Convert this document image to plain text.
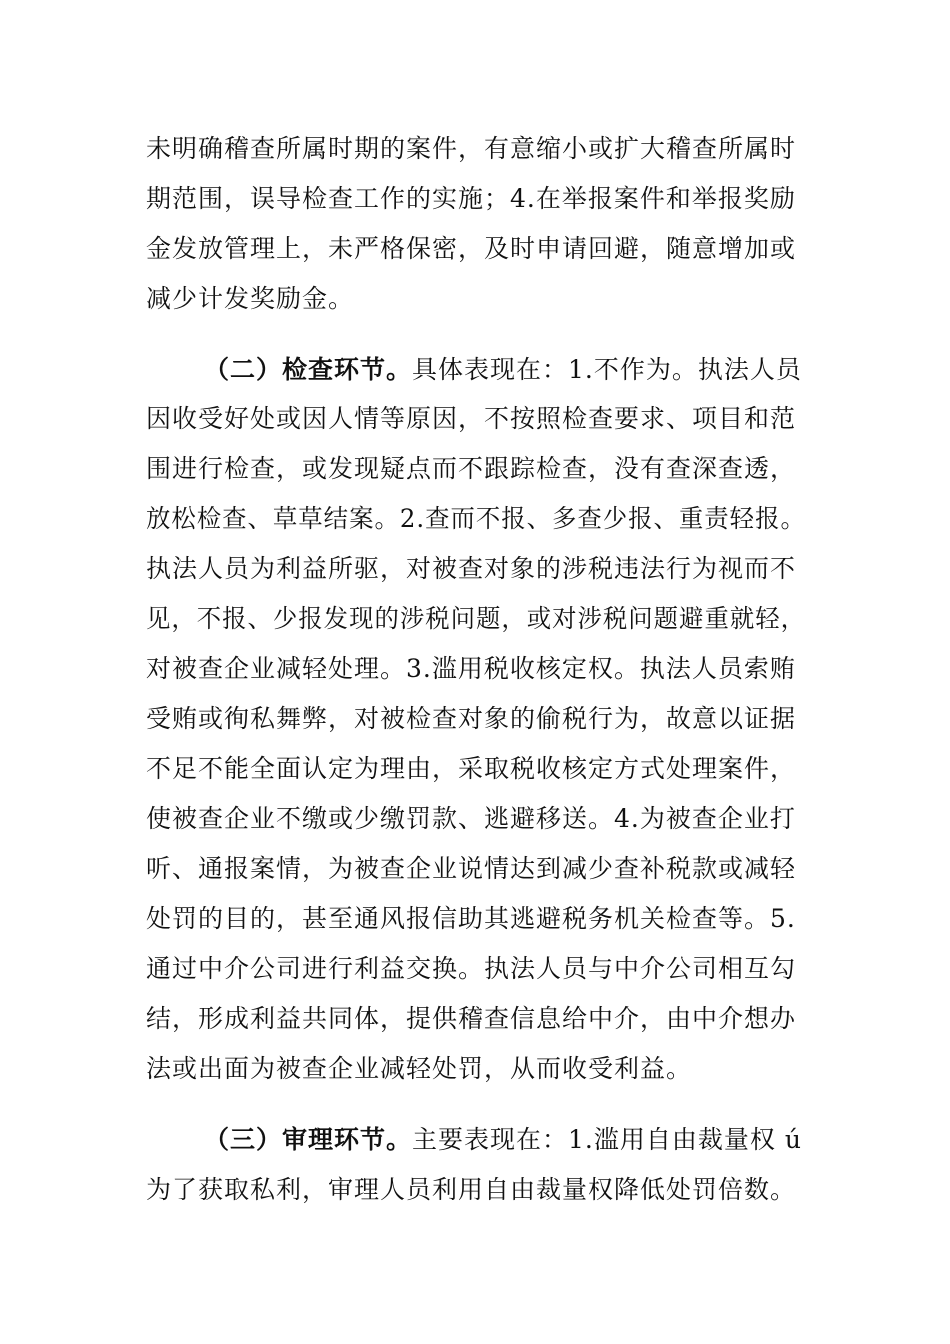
未明确稽查所属时期的案件，有意缩小或扩大稽查所属时
期范围，误导检查工作的实施；4.在举报案件和举报奖励
金发放管理上，未严格保密，及时申请回避，随意增加或
减少计发奖励金。
（二）检查环节。具体表现在：1.不作为。执法人员
因收受好处或因人情等原因，不按照检查要求、项目和范
围进行检查，或发现疑点而不跟踪检查，没有查深查透，
放松检查、草草结案。2.查而不报、多查少报、重责轻报。
执法人员为利益所驱，对被查对象的涉税违法行为视而不
见，不报、少报发现的涉税问题，或对涉税问题避重就轻，
对被查企业减轻处理。3.滥用税收核定权。执法人员索贿
受贿或徇私舞弊，对被检查对象的偷税行为，故意以证据
不足不能全面认定为理由，采取税收核定方式处理案件，
使被查企业不缴或少缴罚款、逃避移送。4.为被查企业打
听、通报案情，为被查企业说情达到减少查补税款或减轻
处罚的目的，甚至通风报信助其逃避税务机关检查等。5.
通过中介公司进行利益交换。执法人员与中介公司相互勾
结，形成利益共同体，提供稽查信息给中介，由中介想办
法或出面为被查企业减轻处罚，从而收受利益。
（三）审理环节。主要表现在：1.滥用自由裁量权 ú
为了获取私利，审理人员利用自由裁量权降低处罚倍数。
